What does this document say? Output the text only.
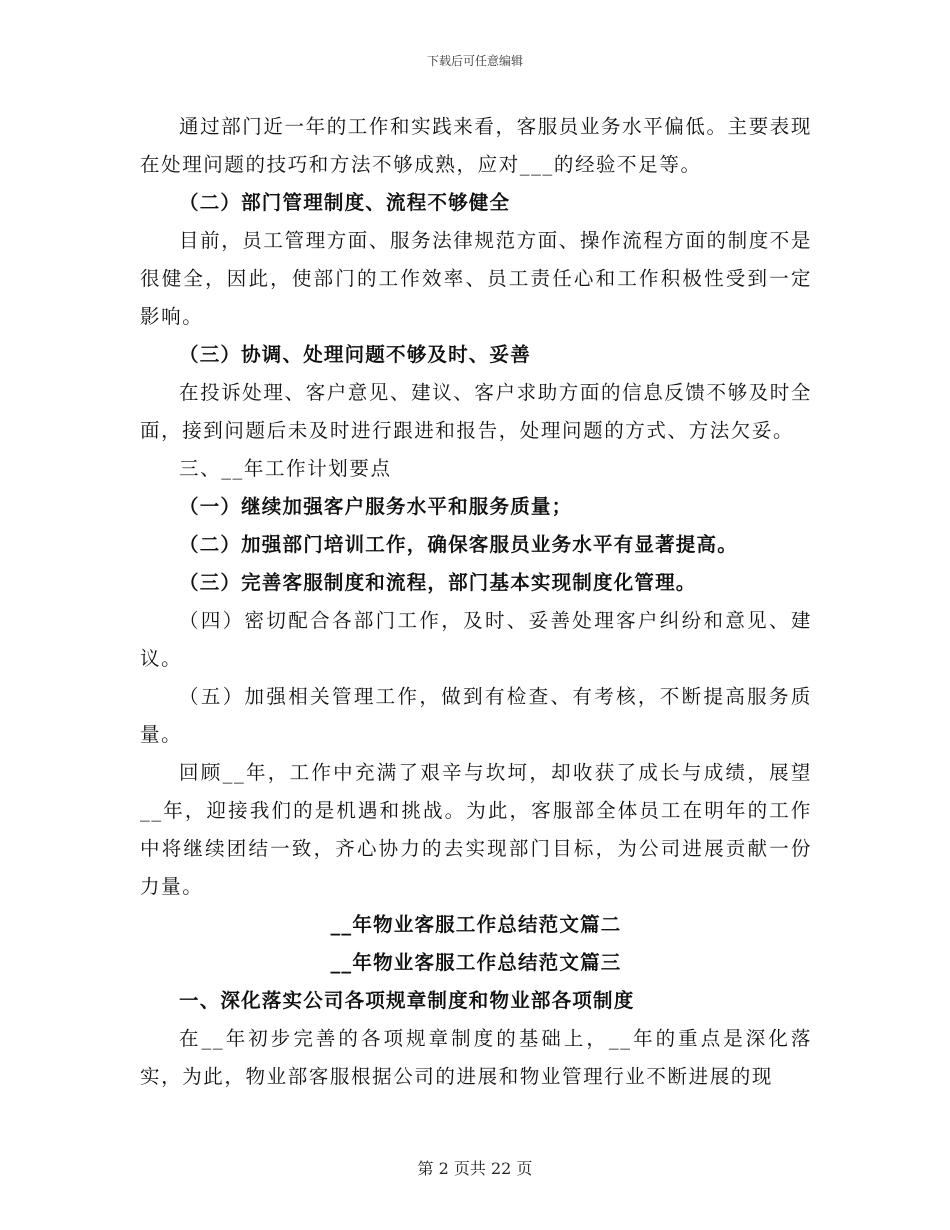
下载后可任意编辑

通过部门近一年的工作和实践来看，客服员业务水平偏低。主要表现在处理问题的技巧和方法不够成熟，应对___的经验不足等。

（二）部门管理制度、流程不够健全

目前，员工管理方面、服务法律规范方面、操作流程方面的制度不是很健全，因此，使部门的工作效率、员工责任心和工作积极性受到一定影响。

（三）协调、处理问题不够及时、妥善

在投诉处理、客户意见、建议、客户求助方面的信息反馈不够及时全面，接到问题后未及时进行跟进和报告，处理问题的方式、方法欠妥。

三、__年工作计划要点

（一）继续加强客户服务水平和服务质量；

（二）加强部门培训工作，确保客服员业务水平有显著提高。

（三）完善客服制度和流程，部门基本实现制度化管理。

（四）密切配合各部门工作，及时、妥善处理客户纠纷和意见、建议。

（五）加强相关管理工作，做到有检查、有考核，不断提高服务质量。

回顾__年，工作中充满了艰辛与坎坷，却收获了成长与成绩，展望__年，迎接我们的是机遇和挑战。为此，客服部全体员工在明年的工作中将继续团结一致，齐心协力的去实现部门目标，为公司进展贡献一份力量。

__年物业客服工作总结范文篇二

__年物业客服工作总结范文篇三

一、深化落实公司各项规章制度和物业部各项制度

在__年初步完善的各项规章制度的基础上，__年的重点是深化落实，为此，物业部客服根据公司的进展和物业管理行业不断进展的现

第 2 页共 22 页
